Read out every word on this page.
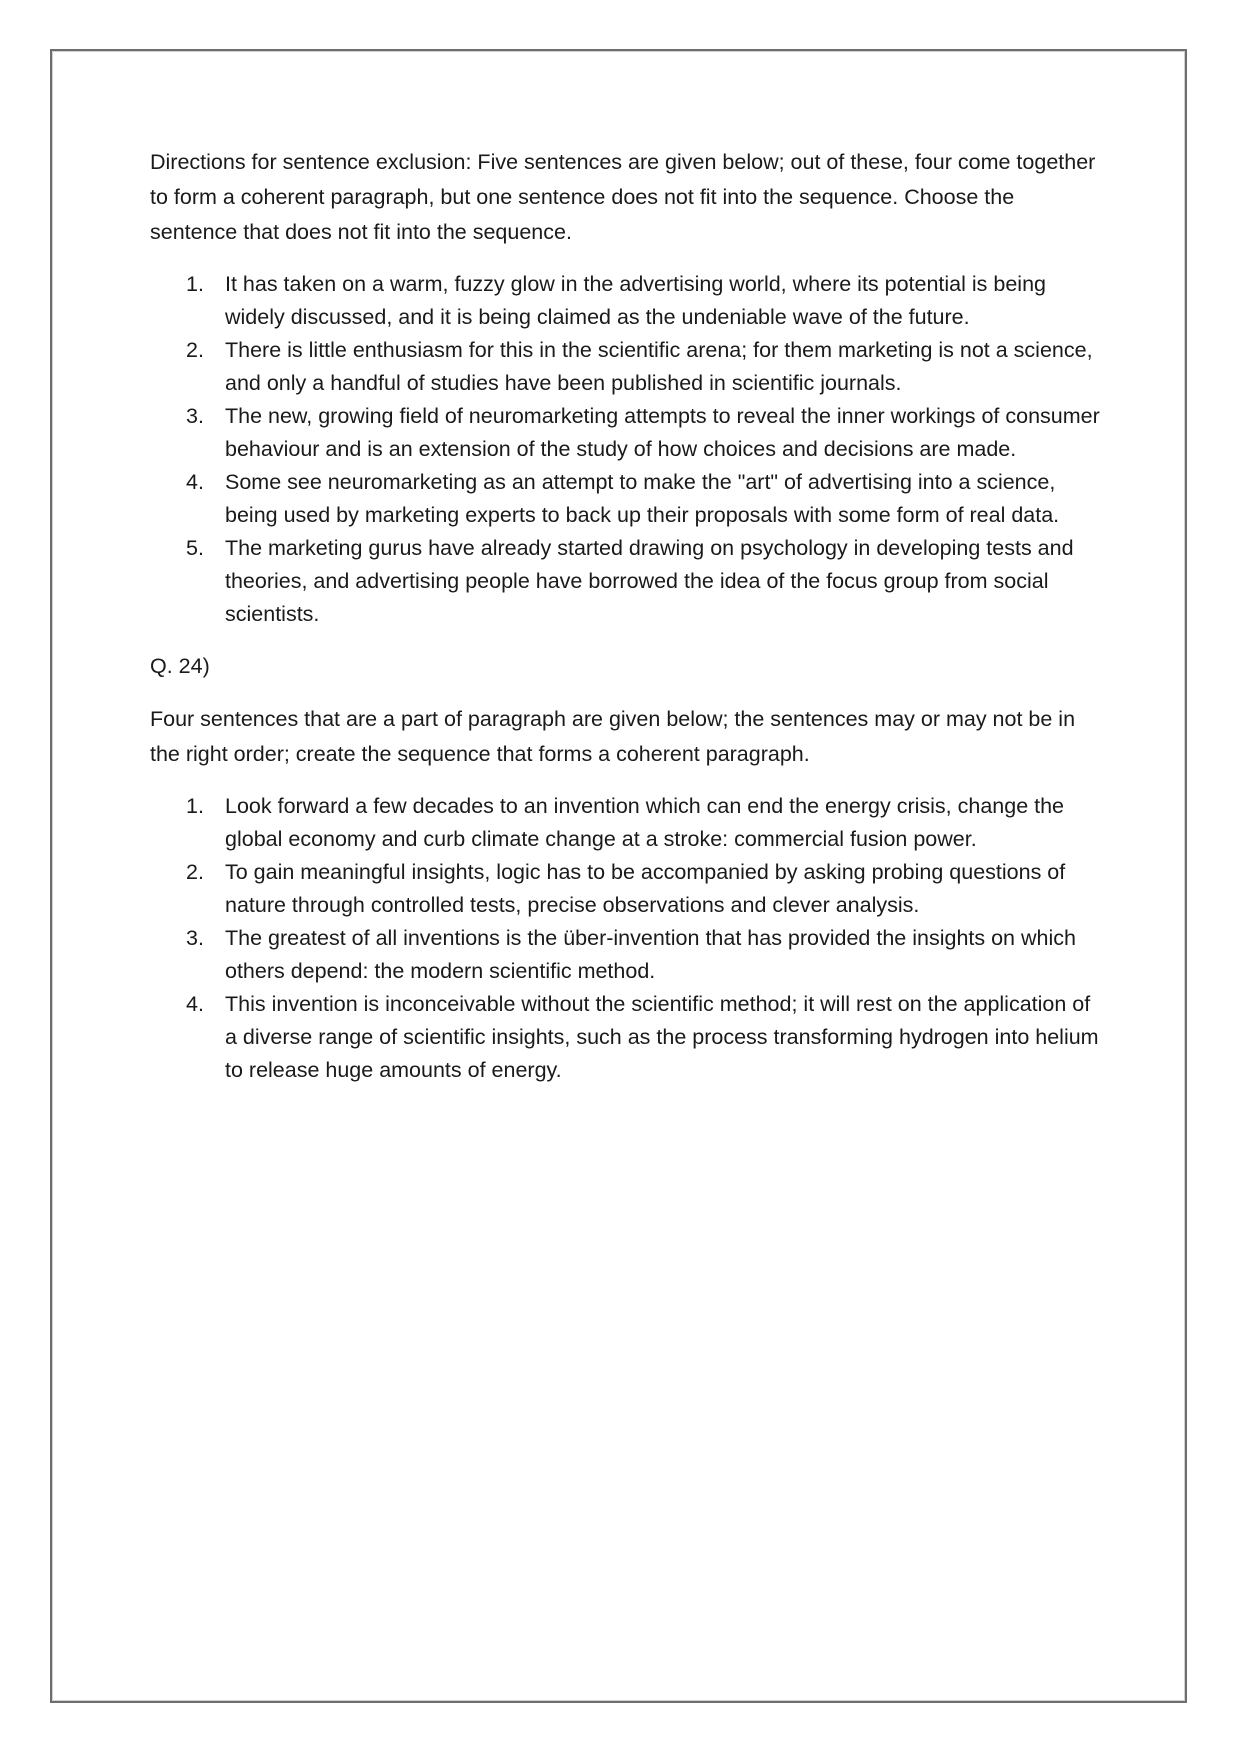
Directions for sentence exclusion: Five sentences are given below; out of these, four come together to form a coherent paragraph, but one sentence does not fit into the sequence. Choose the sentence that does not fit into the sequence.

1. It has taken on a warm, fuzzy glow in the advertising world, where its potential is being widely discussed, and it is being claimed as the undeniable wave of the future.
2. There is little enthusiasm for this in the scientific arena; for them marketing is not a science, and only a handful of studies have been published in scientific journals.
3. The new, growing field of neuromarketing attempts to reveal the inner workings of consumer behaviour and is an extension of the study of how choices and decisions are made.
4. Some see neuromarketing as an attempt to make the "art" of advertising into a science, being used by marketing experts to back up their proposals with some form of real data.
5. The marketing gurus have already started drawing on psychology in developing tests and theories, and advertising people have borrowed the idea of the focus group from social scientists.

Q. 24)

Four sentences that are a part of paragraph are given below; the sentences may or may not be in the right order; create the sequence that forms a coherent paragraph.

1. Look forward a few decades to an invention which can end the energy crisis, change the global economy and curb climate change at a stroke: commercial fusion power.
2. To gain meaningful insights, logic has to be accompanied by asking probing questions of nature through controlled tests, precise observations and clever analysis.
3. The greatest of all inventions is the über-invention that has provided the insights on which others depend: the modern scientific method.
4. This invention is inconceivable without the scientific method; it will rest on the application of a diverse range of scientific insights, such as the process transforming hydrogen into helium to release huge amounts of energy.
